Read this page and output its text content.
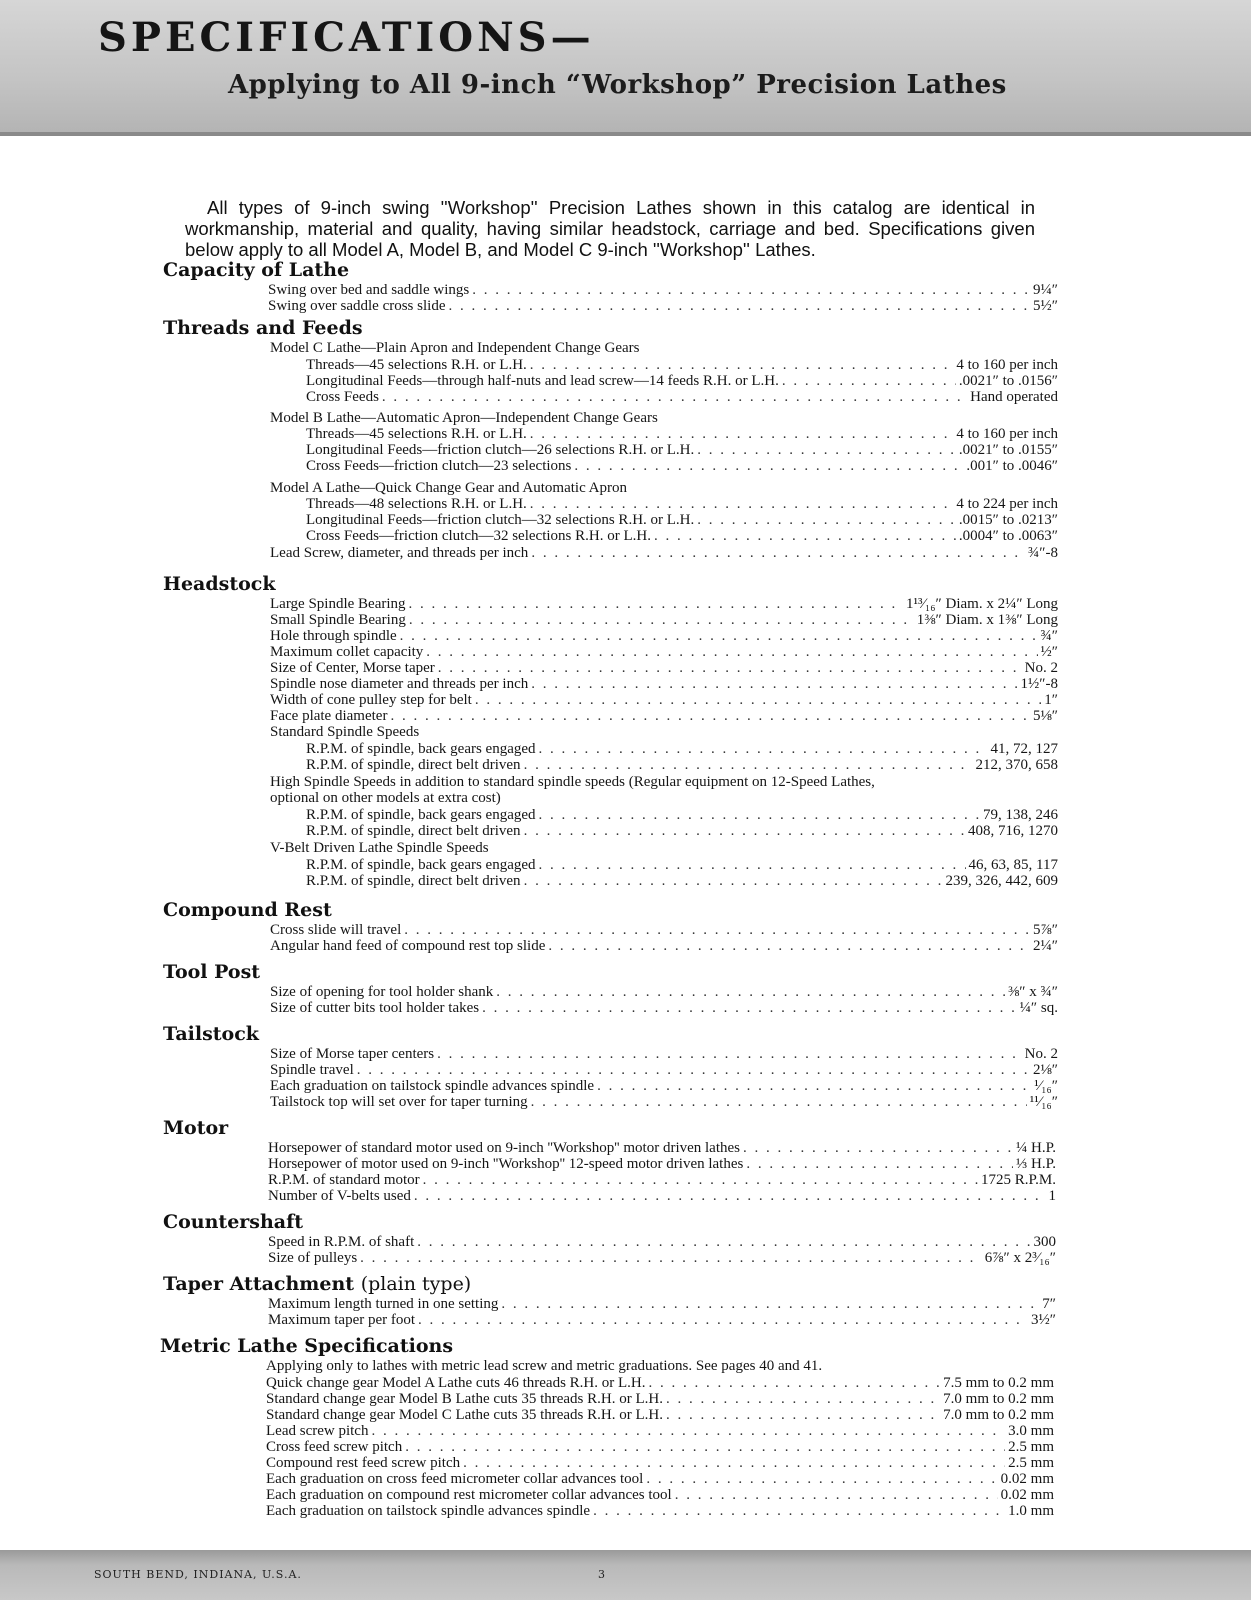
SPECIFICATIONS—
Applying to All 9-inch “Workshop” Precision Lathes

All types of 9-inch swing ''Workshop'' Precision Lathes shown in this catalog are identical in workmanship, material and quality, having similar headstock, carriage and bed. Specifications given below apply to all Model A, Model B, and Model C 9-inch ''Workshop'' Lathes.

Capacity of Lathe
Swing over bed and saddle wings . . .	9¼″
Swing over saddle cross slide . . .	5½″
Threads and Feeds
Model C Lathe—Plain Apron and Independent Change Gears
Threads—45 selections R.H. or L.H. . . .	4 to 160 per inch
Longitudinal Feeds—through half-nuts and lead screw—14 feeds R.H. or L.H. . . .	.0021″ to .0156″
Cross Feeds . . .	Hand operated
Model B Lathe—Automatic Apron—Independent Change Gears
Threads—45 selections R.H. or L.H. . . .	4 to 160 per inch
Longitudinal Feeds—friction clutch—26 selections R.H. or L.H. . . .	.0021″ to .0155″
Cross Feeds—friction clutch—23 selections . . .	.001″ to .0046″
Model A Lathe—Quick Change Gear and Automatic Apron
Threads—48 selections R.H. or L.H. . . .	4 to 224 per inch
Longitudinal Feeds—friction clutch—32 selections R.H. or L.H. . . .	.0015″ to .0213″
Cross Feeds—friction clutch—32 selections R.H. or L.H. . . .	.0004″ to .0063″
Lead Screw, diameter, and threads per inch . . .	¾″-8
Headstock
Large Spindle Bearing . . .	1¹³⁄₁₆″ Diam. x 2¼″ Long
Small Spindle Bearing . . .	1⅜″ Diam. x 1⅜″ Long
Hole through spindle . . .	¾″
Maximum collet capacity . . .	½″
Size of Center, Morse taper . . .	No. 2
Spindle nose diameter and threads per inch . . .	1½″-8
Width of cone pulley step for belt . . .	1″
Face plate diameter . . .	5⅛″
Standard Spindle Speeds
R.P.M. of spindle, back gears engaged . . .	41, 72, 127
R.P.M. of spindle, direct belt driven . . .	212, 370, 658
High Spindle Speeds in addition to standard spindle speeds (Regular equipment on 12-Speed Lathes,
optional on other models at extra cost)
R.P.M. of spindle, back gears engaged . . .	79, 138, 246
R.P.M. of spindle, direct belt driven . . .	408, 716, 1270
V-Belt Driven Lathe Spindle Speeds
R.P.M. of spindle, back gears engaged . . .	46, 63, 85, 117
R.P.M. of spindle, direct belt driven . . .	239, 326, 442, 609
Compound Rest
Cross slide will travel . . .	5⅞″
Angular hand feed of compound rest top slide . . .	2¼″
Tool Post
Size of opening for tool holder shank . . .	⅜″ x ¾″
Size of cutter bits tool holder takes . . .	¼″ sq.
Tailstock
Size of Morse taper centers . . .	No. 2
Spindle travel . . .	2⅛″
Each graduation on tailstock spindle advances spindle . . .	¹⁄₁₆″
Tailstock top will set over for taper turning . . .	¹¹⁄₁₆″
Motor
Horsepower of standard motor used on 9-inch ''Workshop'' motor driven lathes . . .	¼ H.P.
Horsepower of motor used on 9-inch ''Workshop'' 12-speed motor driven lathes . . .	⅓ H.P.
R.P.M. of standard motor . . .	1725 R.P.M.
Number of V-belts used . . .	1
Countershaft
Speed in R.P.M. of shaft . . .	300
Size of pulleys . . .	6⅞″ x 2³⁄₁₆″
Taper Attachment (plain type)
Maximum length turned in one setting . . .	7″
Maximum taper per foot . . .	3½″
Metric Lathe Specifications
Applying only to lathes with metric lead screw and metric graduations. See pages 40 and 41.
Quick change gear Model A Lathe cuts 46 threads R.H. or L.H. . . .	7.5 mm to 0.2 mm
Standard change gear Model B Lathe cuts 35 threads R.H. or L.H. . . .	7.0 mm to 0.2 mm
Standard change gear Model C Lathe cuts 35 threads R.H. or L.H. . . .	7.0 mm to 0.2 mm
Lead screw pitch . . .	3.0 mm
Cross feed screw pitch . . .	2.5 mm
Compound rest feed screw pitch . . .	2.5 mm
Each graduation on cross feed micrometer collar advances tool . . .	0.02 mm
Each graduation on compound rest micrometer collar advances tool . . .	0.02 mm
Each graduation on tailstock spindle advances spindle . . .	1.0 mm
SOUTH BEND, INDIANA, U.S.A.	3
